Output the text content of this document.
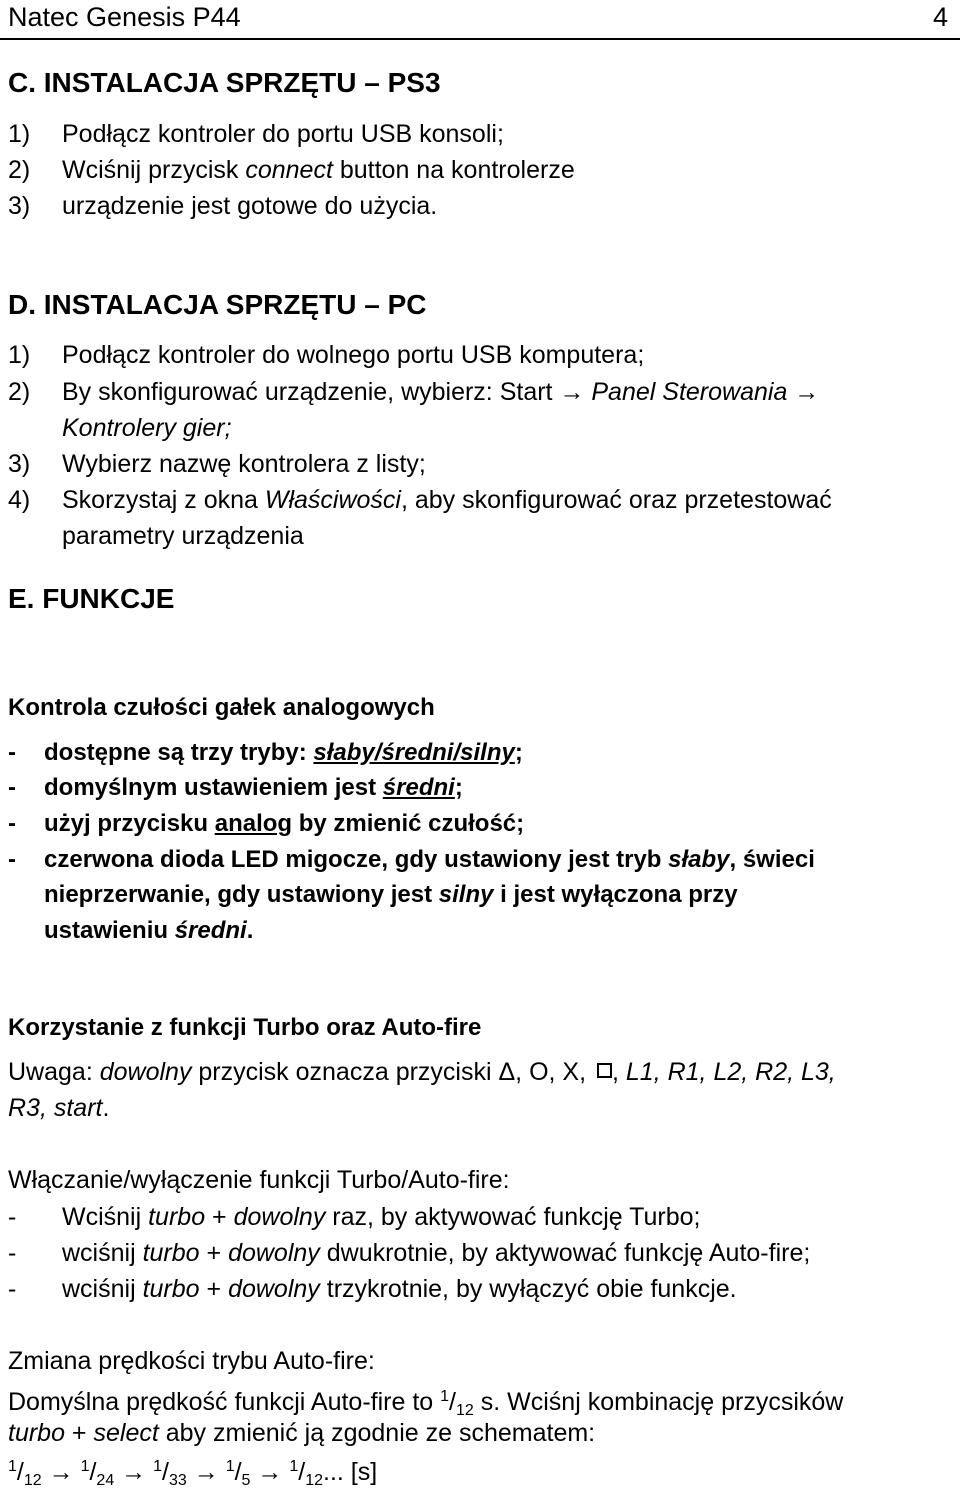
Natec Genesis P44	4
C. INSTALACJA SPRZĘTU – PS3
1) Podłącz kontroler do portu USB konsoli;
2) Wciśnij przycisk connect button na kontrolerze
3) urządzenie jest gotowe do użycia.
D. INSTALACJA SPRZĘTU – PC
1) Podłącz kontroler do wolnego portu USB komputera;
2) By skonfigurować urządzenie, wybierz: Start → Panel Sterowania →
Kontrolery gier;
3) Wybierz nazwę kontrolera z listy;
4) Skorzystaj z okna Właściwości, aby skonfigurować oraz przetestować
parametry urządzenia
E. FUNKCJE
Kontrola czułości gałek analogowych
- dostępne są trzy tryby: słaby/średni/silny;
- domyślnym ustawieniem jest średni;
- użyj przycisku analog by zmienić czułość;
- czerwona dioda LED migocze, gdy ustawiony jest tryb słaby, świeci
nieprzerwanie, gdy ustawiony jest silny i jest wyłączona przy
ustawieniu średni.
Korzystanie z funkcji Turbo oraz Auto-fire
Uwaga: dowolny przycisk oznacza przyciski Δ, O, X, , L1, R1, L2, R2, L3,
R3, start.
Włączanie/wyłączenie funkcji Turbo/Auto-fire:
- Wciśnij turbo + dowolny raz, by aktywować funkcję Turbo;
- wciśnij turbo + dowolny dwukrotnie, by aktywować funkcję Auto-fire;
- wciśnij turbo + dowolny trzykrotnie, by wyłączyć obie funkcje.
Zmiana prędkości trybu Auto-fire:
Domyślna prędkość funkcji Auto-fire to $^1/_{12}$ s. Wciśnj kombinację przycsików
turbo + select aby zmienić ją zgodnie ze schematem:
$^1/_{12} \to ^1/_{24} \to ^1/_{33} \to ^1/_5 \to ^1/_{12}$... [s]
